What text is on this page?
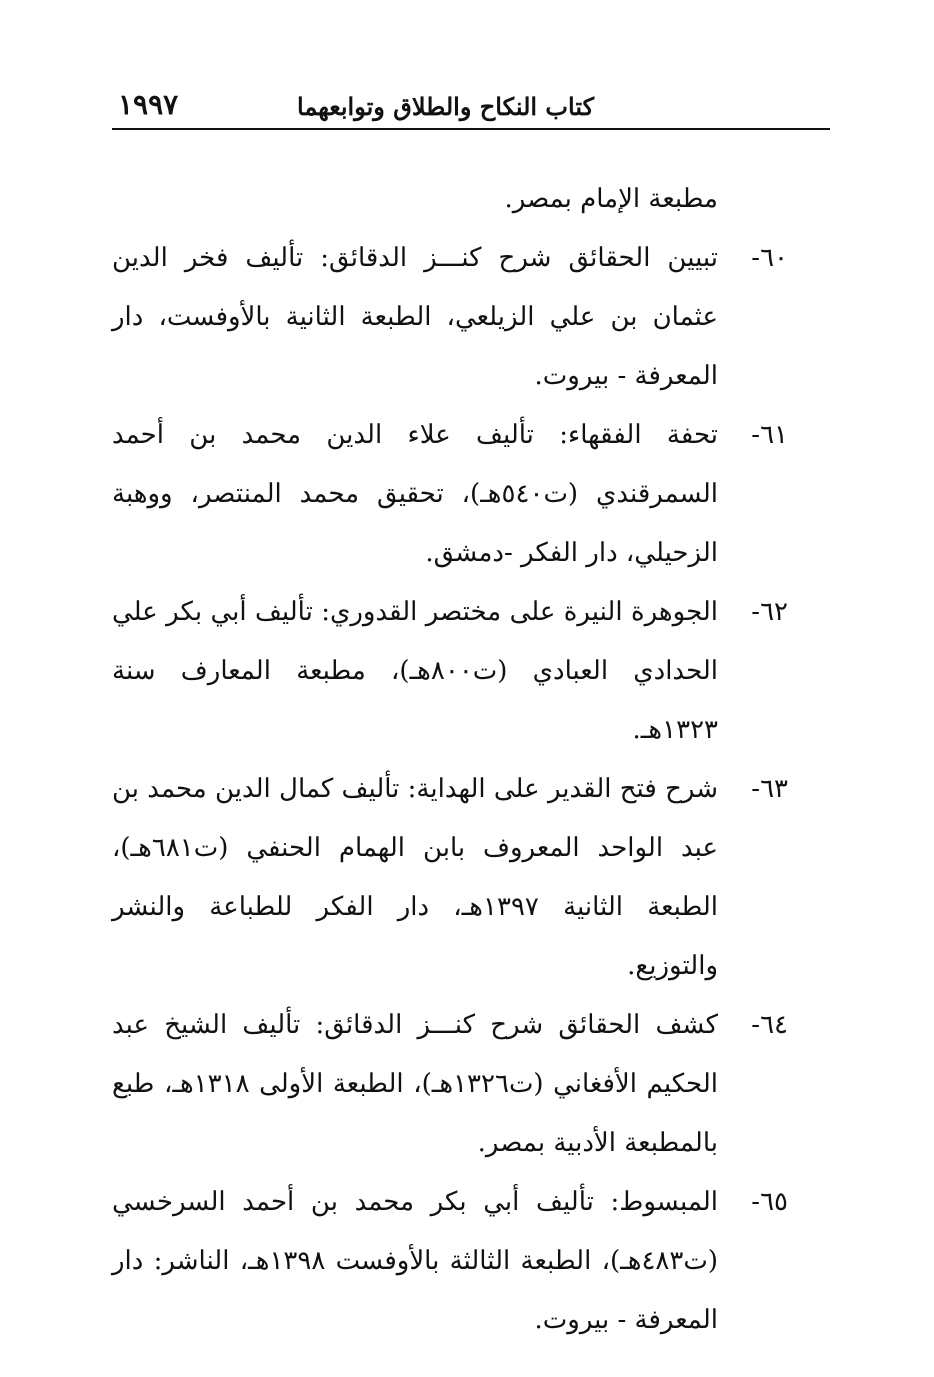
كتاب النكاح والطلاق وتوابعهما
١٩٩٧

مطبعة الإمام بمصر.

٦٠-
تبيين الحقائق شرح كنـــز الدقائق: تأليف فخر الدين عثمان بن علي الزيلعي، الطبعة الثانية بالأوفست، دار المعرفة - بيروت.

٦١-
تحفة الفقهاء: تأليف علاء الدين محمد بن أحمد السمرقندي (ت٥٤٠هـ)، تحقيق محمد المنتصر، ووهبة الزحيلي، دار الفكر -دمشق.

٦٢-
الجوهرة النيرة على مختصر القدوري: تأليف أبي بكر علي الحدادي العبادي (ت٨٠٠هـ)، مطبعة المعارف سنة ١٣٢٣هـ.

٦٣-
شرح فتح القدير على الهداية: تأليف كمال الدين محمد بن عبد الواحد المعروف بابن الهمام الحنفي (ت٦٨١هـ)، الطبعة الثانية ١٣٩٧هـ، دار الفكر للطباعة والنشر والتوزيع.

٦٤-
كشف الحقائق شرح كنـــز الدقائق: تأليف الشيخ عبد الحكيم الأفغاني (ت١٣٢٦هـ)، الطبعة الأولى ١٣١٨هـ، طبع بالمطبعة الأدبية بمصر.

٦٥-
المبسوط: تأليف أبي بكر محمد بن أحمد السرخسي (ت٤٨٣هـ)، الطبعة الثالثة بالأوفست ١٣٩٨هـ، الناشر: دار المعرفة - بيروت.
